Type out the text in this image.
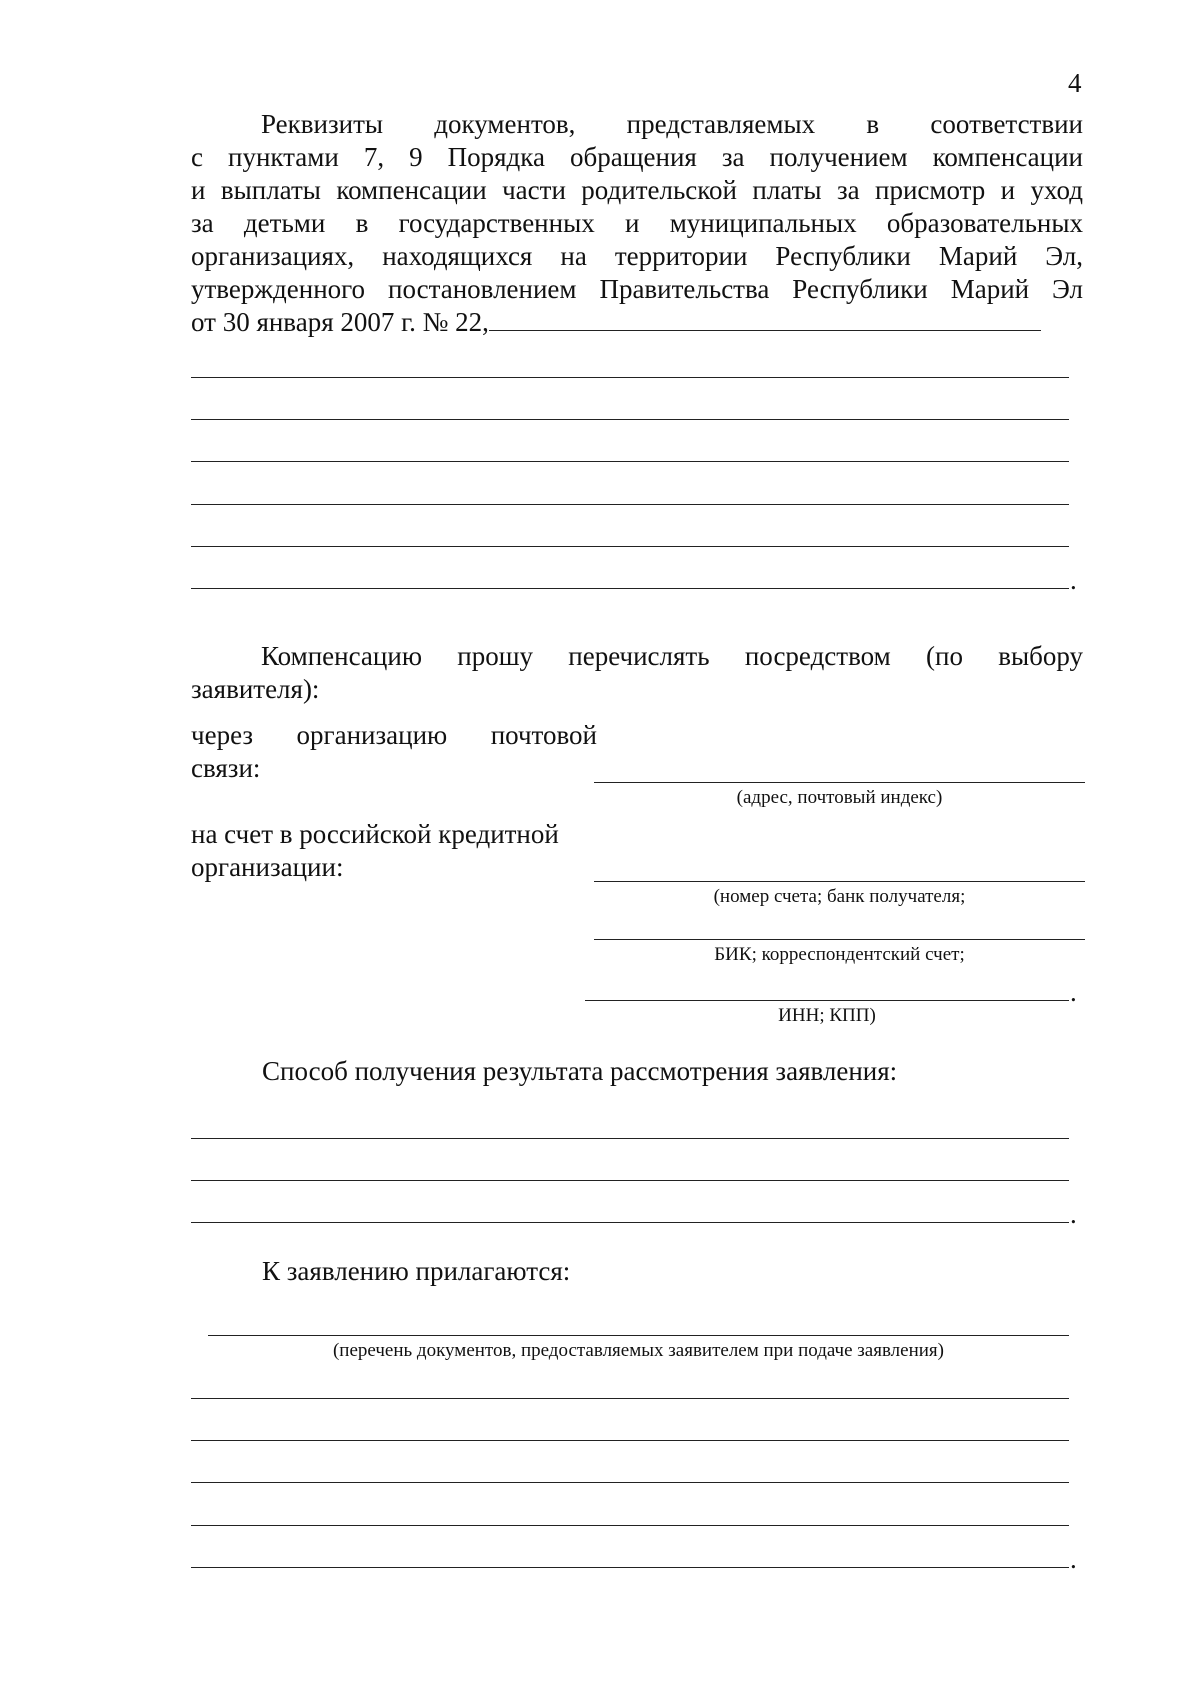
4
Реквизиты документов, представляемых в соответствии
с пунктами 7, 9 Порядка обращения за получением компенсации
и выплаты компенсации части родительской платы за присмотр и уход
за детьми в государственных и муниципальных образовательных
организациях, находящихся на территории Республики Марий Эл,
утвержденного постановлением Правительства Республики Марий Эл
от 30 января 2007 г. № 22,
.
Компенсацию прошу перечислять посредством (по выбору
заявителя):
через организацию почтовой
связи:
(адрес, почтовый индекс)
на счет в российской кредитной
организации:
(номер счета; банк получателя;
БИК; корреспондентский счет;
.
ИНН; КПП)
Способ получения результата рассмотрения заявления:
.
К заявлению прилагаются:
(перечень документов, предоставляемых заявителем при подаче заявления)
.
